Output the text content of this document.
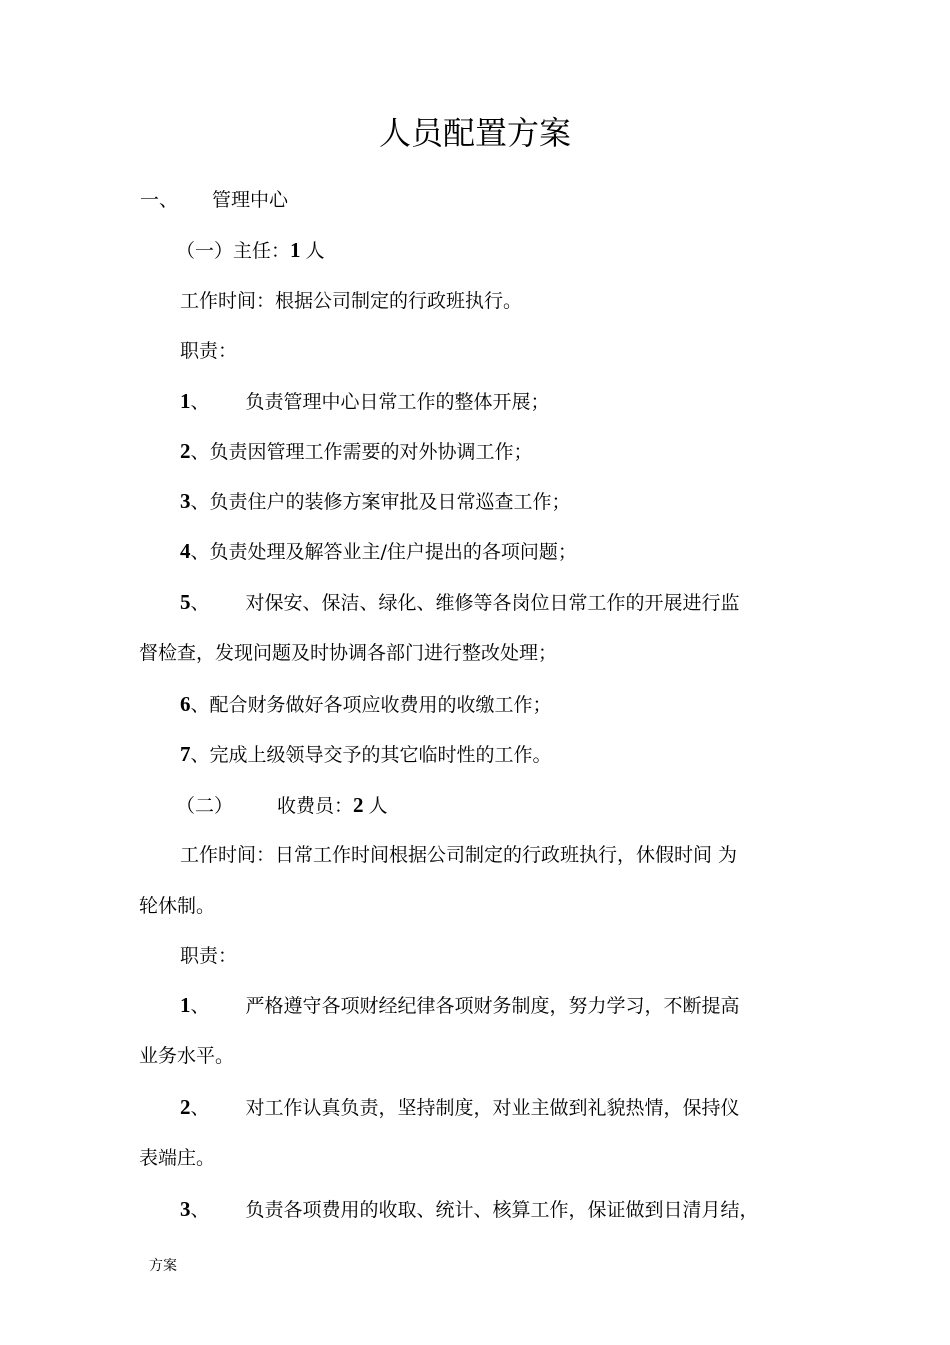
人员配置方案
一、 管理中心
（一）主任：1 人
工作时间：根据公司制定的行政班执行。
职责：
1、 负责管理中心日常工作的整体开展；
2、负责因管理工作需要的对外协调工作；
3、负责住户的装修方案审批及日常巡查工作；
4、负责处理及解答业主/住户提出的各项问题；
5、 对保安、保洁、绿化、维修等各岗位日常工作的开展进行监
督检查，发现问题及时协调各部门进行整改处理；
6、配合财务做好各项应收费用的收缴工作；
7、完成上级领导交予的其它临时性的工作。
（二） 收费员：2 人
工作时间：日常工作时间根据公司制定的行政班执行，休假时间 为
轮休制。
职责：
1、 严格遵守各项财经纪律各项财务制度，努力学习，不断提高
业务水平。
2、 对工作认真负责，坚持制度，对业主做到礼貌热情，保持仪
表端庄。
3、 负责各项费用的收取、统计、核算工作，保证做到日清月结，
方案
